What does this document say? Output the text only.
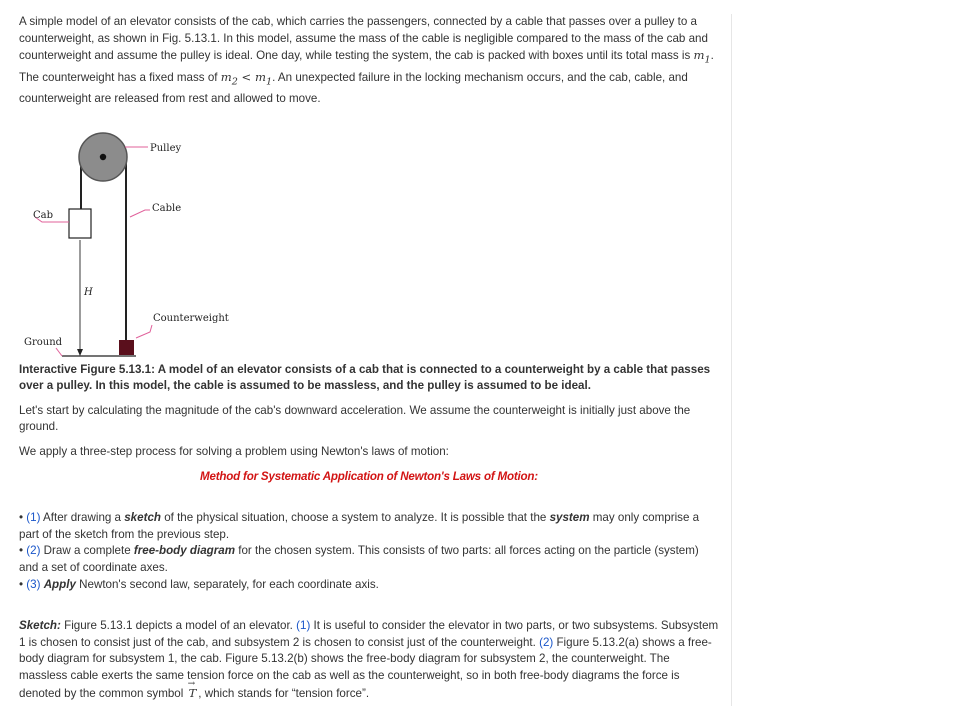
A simple model of an elevator consists of the cab, which carries the passengers, connected by a cable that passes over a pulley to a counterweight, as shown in Fig. 5.13.1. In this model, assume the mass of the cable is negligible compared to the mass of the cab and counterweight and assume the pulley is ideal. One day, while testing the system, the cab is packed with boxes until its total mass is $m_1$. The counterweight has a fixed mass of $m_2 < m_1$. An unexpected failure in the locking mechanism occurs, and the cab, cable, and counterweight are released from rest and allowed to move.

Pulley
Cable
Cab
H
Counterweight
Ground

Interactive Figure 5.13.1: A model of an elevator consists of a cab that is connected to a counterweight by a cable that passes over a pulley. In this model, the cable is assumed to be massless, and the pulley is assumed to be ideal.

Let's start by calculating the magnitude of the cab's downward acceleration. We assume the counterweight is initially just above the ground.

We apply a three-step process for solving a problem using Newton's laws of motion:

Method for Systematic Application of Newton's Laws of Motion:

• (1) After drawing a sketch of the physical situation, choose a system to analyze. It is possible that the system may only comprise a part of the sketch from the previous step.

• (2) Draw a complete free-body diagram for the chosen system. This consists of two parts: all forces acting on the particle (system) and a set of coordinate axes.

• (3) Apply Newton's second law, separately, for each coordinate axis.

Sketch: Figure 5.13.1 depicts a model of an elevator. (1) It is useful to consider the elevator in two parts, or two subsystems. Subsystem 1 is chosen to consist just of the cab, and subsystem 2 is chosen to consist just of the counterweight. (2) Figure 5.13.2(a) shows a free-body diagram for subsystem 1, the cab. Figure 5.13.2(b) shows the free-body diagram for subsystem 2, the counterweight. The massless cable exerts the same tension force on the cab as well as the counterweight, so in both free-body diagrams the force is denoted by the common symbol → T , which stands for “tension force”.
